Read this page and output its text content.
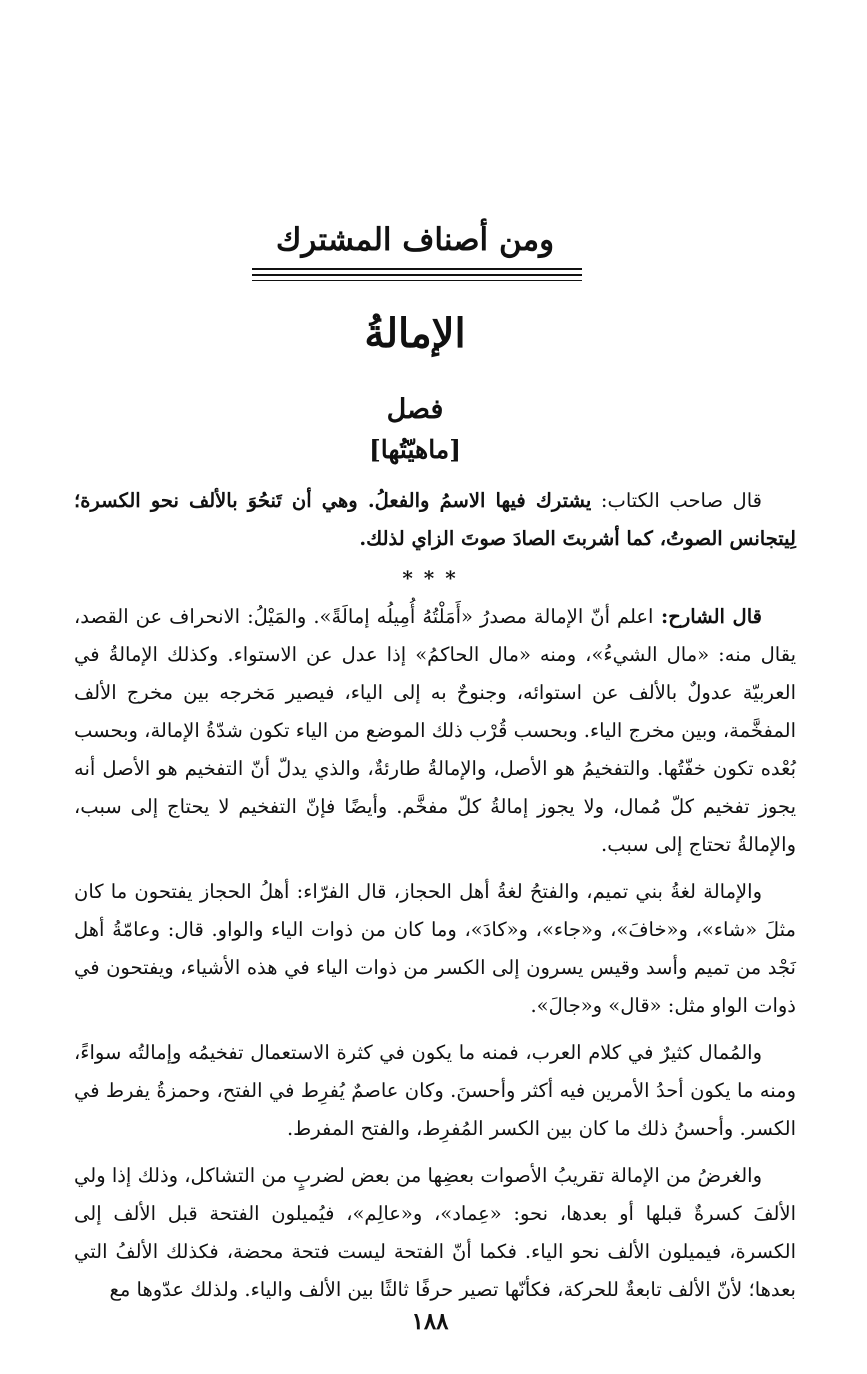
ومن أصناف المشترك
الإمالةُ
فصل
[ماهيّتُها]

قال صاحب الكتاب: يشترك فيها الاسمُ والفعلُ. وهي أن تَنحُوَ بالألف نحو الكسرة؛ لِيتجانس الصوتُ، كما أشربتَ الصادَ صوتَ الزاي لذلك.

* * *

قال الشارح: اعلم أنّ الإمالة مصدرُ «أَمَلْتُهُ أُمِيلُه إمالَةً». والمَيْلُ: الانحراف عن القصد، يقال منه: «مال الشيءُ»، ومنه «مال الحاكمُ» إذا عدل عن الاستواء. وكذلك الإمالةُ في العربيّة عدولٌ بالألف عن استوائه، وجنوحٌ به إلى الياء، فيصير مَخرجه بين مخرج الألف المفخَّمة، وبين مخرج الياء. وبحسب قُرْب ذلك الموضع من الياء تكون شدّةُ الإمالة، وبحسب بُعْده تكون خفّتُها. والتفخيمُ هو الأصل، والإمالةُ طارئةٌ، والذي يدلّ أنّ التفخيم هو الأصل أنه يجوز تفخيم كلّ مُمال، ولا يجوز إمالةُ كلّ مفخَّم. وأيضًا فإنّ التفخيم لا يحتاج إلى سبب، والإمالةُ تحتاج إلى سبب.

والإمالة لغةُ بني تميم، والفتحُ لغةُ أهل الحجاز، قال الفرّاء: أهلُ الحجاز يفتحون ما كان مثلَ «شاء»، و«خافَ»، و«جاء»، و«كادَ»، وما كان من ذوات الياء والواو. قال: وعامّةُ أهل نَجْد من تميم وأسد وقيس يسرون إلى الكسر من ذوات الياء في هذه الأشياء، ويفتحون في ذوات الواو مثل: «قال» و«جالَ».

والمُمال كثيرٌ في كلام العرب، فمنه ما يكون في كثرة الاستعمال تفخيمُه وإمالتُه سواءً، ومنه ما يكون أحدُ الأمرين فيه أكثر وأحسنَ. وكان عاصمٌ يُفرِط في الفتح، وحمزةُ يفرط في الكسر. وأحسنُ ذلك ما كان بين الكسر المُفرِط، والفتح المفرط.

والغرضُ من الإمالة تقريبُ الأصوات بعضِها من بعض لضربٍ من التشاكل، وذلك إذا ولي الألفَ كسرةٌ قبلها أو بعدها، نحو: «عِماد»، و«عالِم»، فيُميلون الفتحة قبل الألف إلى الكسرة، فيميلون الألف نحو الياء. فكما أنّ الفتحة ليست فتحة محضة، فكذلك الألفُ التي بعدها؛ لأنّ الألف تابعةٌ للحركة، فكأنّها تصير حرفًا ثالثًا بين الألف والياء. ولذلك عدّوها مع

١٨٨
